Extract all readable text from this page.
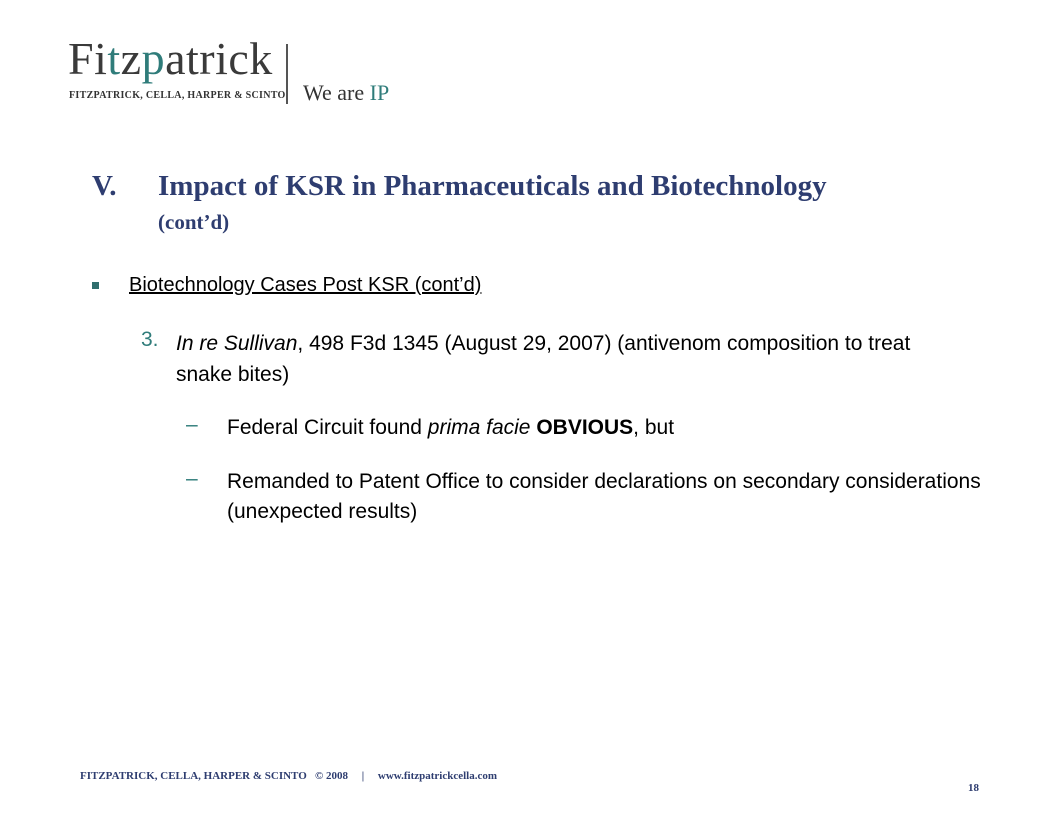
Fitzpatrick
FITZPATRICK, CELLA, HARPER & SCINTO We are IP
V. Impact of KSR in Pharmaceuticals and Biotechnology
(cont’d)
Biotechnology Cases Post KSR (cont’d)
3. In re Sullivan, 498 F3d 1345 (August 29, 2007) (antivenom composition to treat snake bites)
– Federal Circuit found prima facie OBVIOUS, but
– Remanded to Patent Office to consider declarations on secondary considerations (unexpected results)
FITZPATRICK, CELLA, HARPER & SCINTO   © 2008     |     www.fitzpatrickcella.com
18
